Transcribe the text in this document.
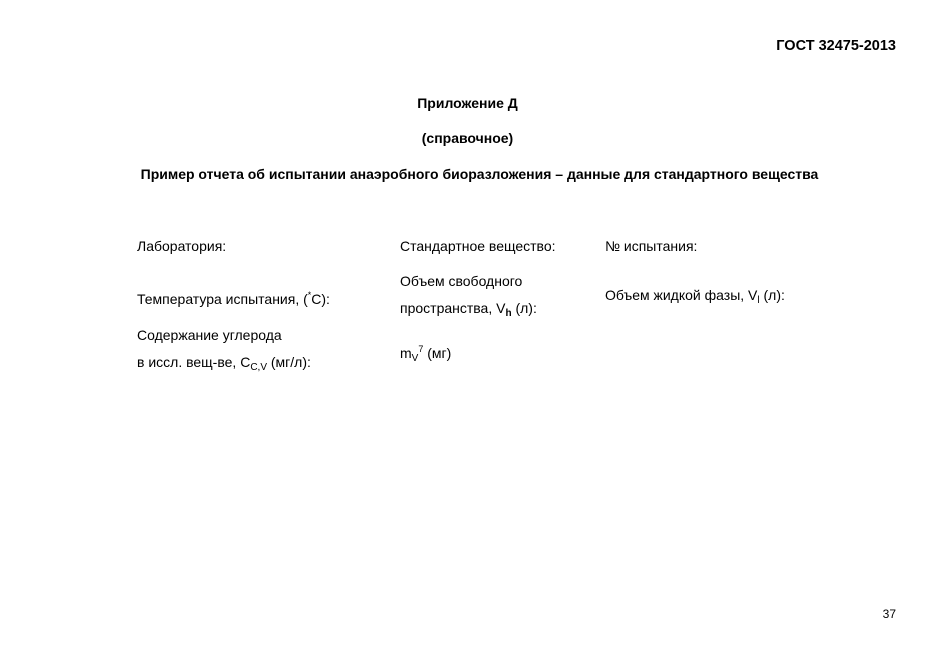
ГОСТ 32475-2013
Приложение Д
(справочное)
Пример отчета об испытании анаэробного биоразложения – данные для стандартного вещества
Лаборатория:	Стандартное вещество:	№ испытания:
Температура испытания, (*С):
Объем свободного
пространства, $V_h$ (л):
Объем жидкой фазы, $V_l$ (л):
Содержание углерода
в иссл. вещ-ве, $C_{C,V}$ (мг/л):
$m_V^7$ (мг)
37
